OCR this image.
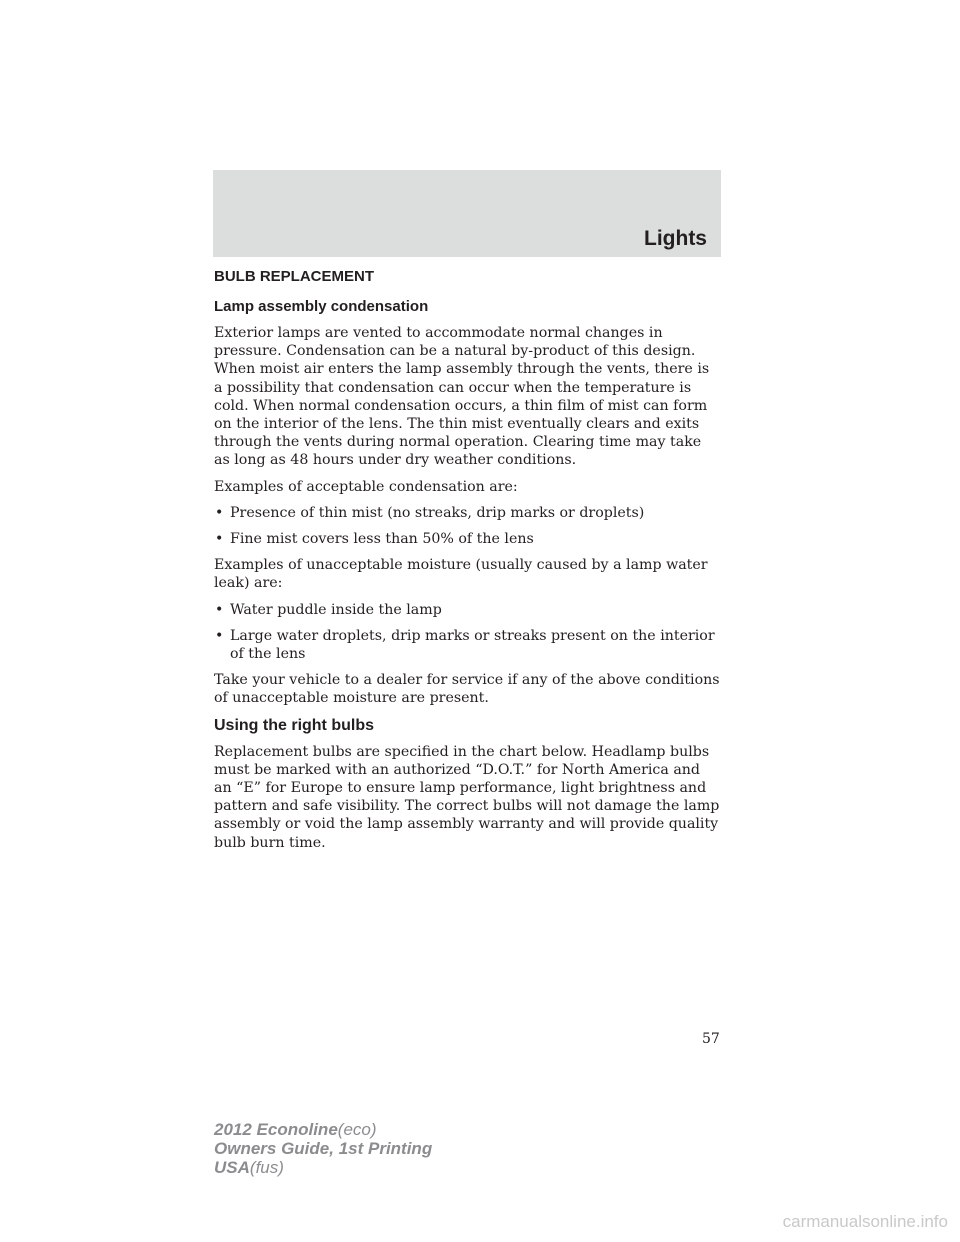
Lights
BULB REPLACEMENT
Lamp assembly condensation
Exterior lamps are vented to accommodate normal changes in pressure. Condensation can be a natural by-product of this design. When moist air enters the lamp assembly through the vents, there is a possibility that condensation can occur when the temperature is cold. When normal condensation occurs, a thin film of mist can form on the interior of the lens. The thin mist eventually clears and exits through the vents during normal operation. Clearing time may take as long as 48 hours under dry weather conditions.
Examples of acceptable condensation are:
• Presence of thin mist (no streaks, drip marks or droplets)
• Fine mist covers less than 50% of the lens
Examples of unacceptable moisture (usually caused by a lamp water leak) are:
• Water puddle inside the lamp
• Large water droplets, drip marks or streaks present on the interior of the lens
Take your vehicle to a dealer for service if any of the above conditions of unacceptable moisture are present.
Using the right bulbs
Replacement bulbs are specified in the chart below. Headlamp bulbs must be marked with an authorized “D.O.T.” for North America and an “E” for Europe to ensure lamp performance, light brightness and pattern and safe visibility. The correct bulbs will not damage the lamp assembly or void the lamp assembly warranty and will provide quality bulb burn time.
57
2012 Econoline(eco)
Owners Guide, 1st Printing
USA(fus)
carmanualsonline.info
